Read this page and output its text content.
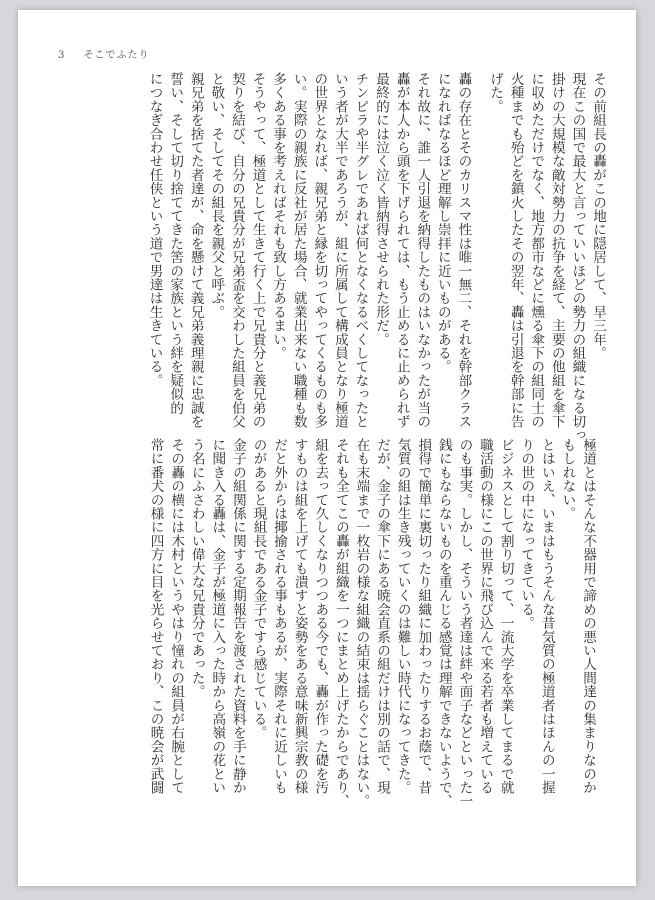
3 そこでふたり
その前組長の轟がこの地に隠居して、早三年。
現在この国で最大と言っていいほどの勢力の組織になる切っ
掛けの大規模な敵対勢力の抗争を経て、主要の他組を傘下
に収めただけでなく、地方都市などに燻る傘下の組同士の
火種までも殆どを鎮火したその翌年、轟は引退を幹部に告
げた。
轟の存在とそのカリスマ性は唯一無二、それを幹部クラス
になればなるほど理解し崇拝に近いものがある。
それ故に、誰一人引退を納得したものはいなかったが当の
轟が本人から頭を下げられては、もう止めるに止められず
最終的には泣く泣く皆納得させられた形だ。
チンピラや半グレであれば何となくなるべくしてなったと
いう者が大半であろうが、組に所属して構成員となり極道
の世界となれば、親兄弟と縁を切ってやってくるものも多
い。実際の親族に反社が居た場合、就業出来ない職種も数
多くある事を考えればそれも致し方あるまい。
そうやって、極道として生きて行く上で兄貴分と義兄弟の
契りを結び、自分の兄貴分が兄弟盃を交わした組員を伯父
と敬い、そしてその組長を親父と呼ぶ。
親兄弟を捨てた者達が、命を懸けて義兄弟義理親に忠誠を
誓い、そして切り捨ててきた筈の家族という絆を疑似的
につなぎ合わせ任侠という道で男達は生きている。
極道とはそんな不器用で諦めの悪い人間達の集まりなのか
もしれない。
とはいえ、いまはもうそんな昔気質の極道者はほんの一握
りの世の中になってきている。
ビジネスとして割り切って、一流大学を卒業してまるで就
職活動の様にこの世界に飛び込んで来る若者も増えている
のも事実。しかし、そういう者達は絆や面子などといった一
銭にもならないものを重んじる感覚は理解できないようで、
損得で簡単に裏切ったり組織に加わったりするお蔭で、昔
気質の組は生き残っていくのは難しい時代になってきた。
だが、金子の傘下にある暁会直系の組だけは別の話で、現
在も末端まで一枚岩の様な組織の結束は揺らぐことはない。
それも全てこの轟が組織を一つにまとめ上げたからであり、
組を去って久しくなりつつある今でも、轟が作った礎を汚
すものは組を上げても潰すと姿勢をある意味新興宗教の様
だと外からは揶揄される事もあるが、実際それに近しいも
のがあると現組長である金子ですら感じている。
金子の組関係に関する定期報告を渡された資料を手に静か
に聞き入る轟は、金子が極道に入った時から高嶺の花とい
う名にふさわしい偉大な兄貴分であった。
その轟の横には木村というやはり憧れの組員が右腕として
常に番犬の様に四方に目を光らせており、この暁会が武闘
